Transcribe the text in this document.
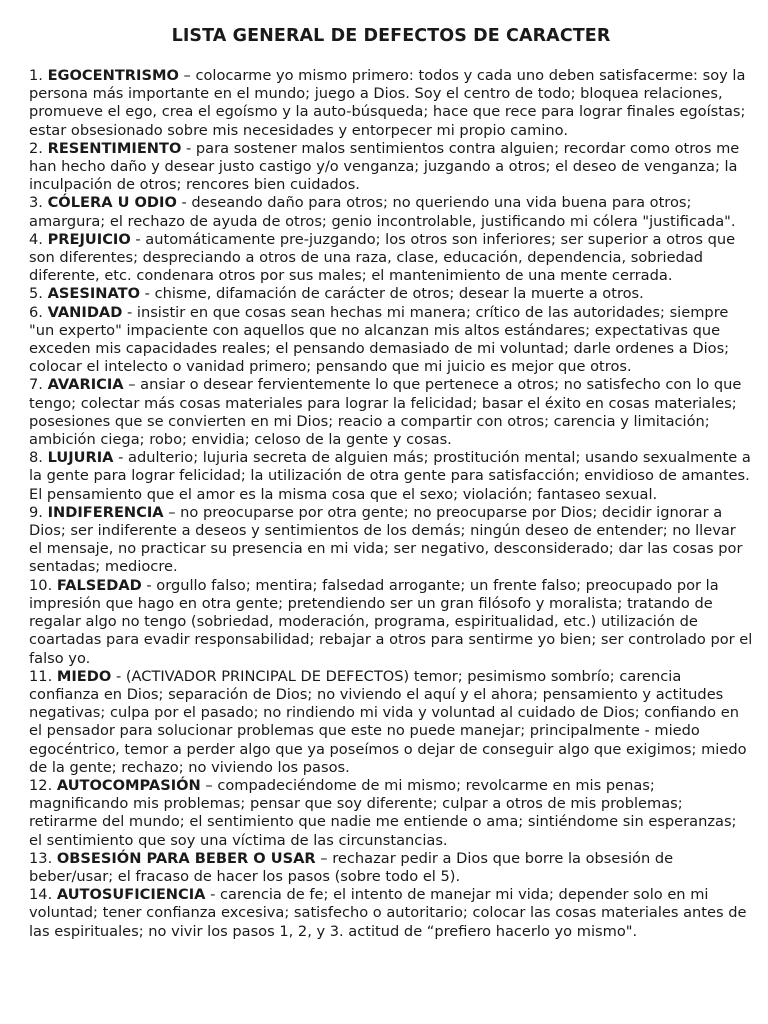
LISTA GENERAL DE DEFECTOS DE CARACTER
1. EGOCENTRISMO – colocarme yo mismo primero: todos y cada uno deben satisfacerme: soy la persona más importante en el mundo; juego a Dios. Soy el centro de todo; bloquea relaciones, promueve el ego, crea el egoísmo y la auto-búsqueda; hace que rece para lograr finales egoístas; estar obsesionado sobre mis necesidades y entorpecer mi propio camino.
2. RESENTIMIENTO - para sostener malos sentimientos contra alguien; recordar como otros me han hecho daño y desear justo castigo y/o venganza; juzgando a otros; el deseo de venganza; la inculpación de otros; rencores bien cuidados.
3. CÓLERA U ODIO - deseando daño para otros; no queriendo una vida buena para otros; amargura; el rechazo de ayuda de otros; genio incontrolable, justificando mi cólera "justificada".
4. PREJUICIO - automáticamente pre-juzgando; los otros son inferiores; ser superior a otros que son diferentes; despreciando a otros de una raza, clase, educación, dependencia, sobriedad diferente, etc. condenara otros por sus males; el mantenimiento de una mente cerrada.
5. ASESINATO - chisme, difamación de carácter de otros; desear la muerte a otros.
6. VANIDAD - insistir en que cosas sean hechas mi manera; crítico de las autoridades; siempre "un experto" impaciente con aquellos que no alcanzan mis altos estándares; expectativas que exceden mis capacidades reales; el pensando demasiado de mi voluntad; darle ordenes a Dios; colocar el intelecto o vanidad primero; pensando que mi juicio es mejor que otros.
7. AVARICIA – ansiar o desear fervientemente lo que pertenece a otros; no satisfecho con lo que tengo; colectar más cosas materiales para lograr la felicidad; basar el éxito en cosas materiales; posesiones que se convierten en mi Dios; reacio a compartir con otros; carencia y limitación; ambición ciega; robo; envidia; celoso de la gente y cosas.
8. LUJURIA - adulterio; lujuria secreta de alguien más; prostitución mental; usando sexualmente a la gente para lograr felicidad; la utilización de otra gente para satisfacción; envidioso de amantes. El pensamiento que el amor es la misma cosa que el sexo; violación; fantaseo sexual.
9. INDIFERENCIA – no preocuparse por otra gente; no preocuparse por Dios; decidir ignorar a Dios; ser indiferente a deseos y sentimientos de los demás; ningún deseo de entender; no llevar el mensaje, no practicar su presencia en mi vida; ser negativo, desconsiderado; dar las cosas por sentadas; mediocre.
10. FALSEDAD - orgullo falso; mentira; falsedad arrogante; un frente falso; preocupado por la impresión que hago en otra gente; pretendiendo ser un gran filósofo y moralista; tratando de regalar algo no tengo (sobriedad, moderación, programa, espiritualidad, etc.) utilización de coartadas para evadir responsabilidad; rebajar a otros para sentirme yo bien; ser controlado por el falso yo.
11. MIEDO - (ACTIVADOR PRINCIPAL DE DEFECTOS) temor; pesimismo sombrío; carencia confianza en Dios; separación de Dios; no viviendo el aquí y el ahora; pensamiento y actitudes negativas; culpa por el pasado; no rindiendo mi vida y voluntad al cuidado de Dios; confiando en el pensador para solucionar problemas que este no puede manejar; principalmente - miedo egocéntrico, temor a perder algo que ya poseímos o dejar de conseguir algo que exigimos; miedo de la gente; rechazo; no viviendo los pasos.
12. AUTOCOMPASIÓN – compadeciéndome de mi mismo; revolcarme en mis penas; magnificando mis problemas; pensar que soy diferente; culpar a otros de mis problemas; retirarme del mundo; el sentimiento que nadie me entiende o ama; sintiéndome sin esperanzas; el sentimiento que soy una víctima de las circunstancias.
13. OBSESIÓN PARA BEBER O USAR – rechazar pedir a Dios que borre la obsesión de beber/usar; el fracaso de hacer los pasos (sobre todo el 5).
14. AUTOSUFICIENCIA - carencia de fe; el intento de manejar mi vida; depender solo en mi voluntad; tener confianza excesiva; satisfecho o autoritario; colocar las cosas materiales antes de las espirituales; no vivir los pasos 1, 2, y 3. actitud de “prefiero hacerlo yo mismo".
